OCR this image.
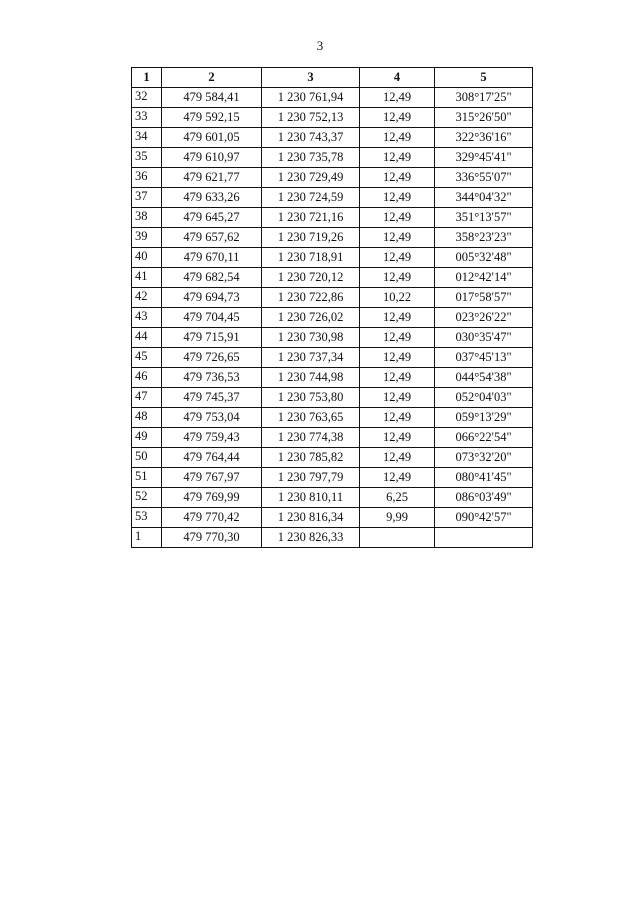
3
1	2	3	4	5
32	479 584,41	1 230 761,94	12,49	308°17'25"
33	479 592,15	1 230 752,13	12,49	315°26'50"
34	479 601,05	1 230 743,37	12,49	322°36'16"
35	479 610,97	1 230 735,78	12,49	329°45'41"
36	479 621,77	1 230 729,49	12,49	336°55'07"
37	479 633,26	1 230 724,59	12,49	344°04'32"
38	479 645,27	1 230 721,16	12,49	351°13'57"
39	479 657,62	1 230 719,26	12,49	358°23'23"
40	479 670,11	1 230 718,91	12,49	005°32'48"
41	479 682,54	1 230 720,12	12,49	012°42'14"
42	479 694,73	1 230 722,86	10,22	017°58'57"
43	479 704,45	1 230 726,02	12,49	023°26'22"
44	479 715,91	1 230 730,98	12,49	030°35'47"
45	479 726,65	1 230 737,34	12,49	037°45'13"
46	479 736,53	1 230 744,98	12,49	044°54'38"
47	479 745,37	1 230 753,80	12,49	052°04'03"
48	479 753,04	1 230 763,65	12,49	059°13'29"
49	479 759,43	1 230 774,38	12,49	066°22'54"
50	479 764,44	1 230 785,82	12,49	073°32'20"
51	479 767,97	1 230 797,79	12,49	080°41'45"
52	479 769,99	1 230 810,11	6,25	086°03'49"
53	479 770,42	1 230 816,34	9,99	090°42'57"
1	479 770,30	1 230 826,33		
